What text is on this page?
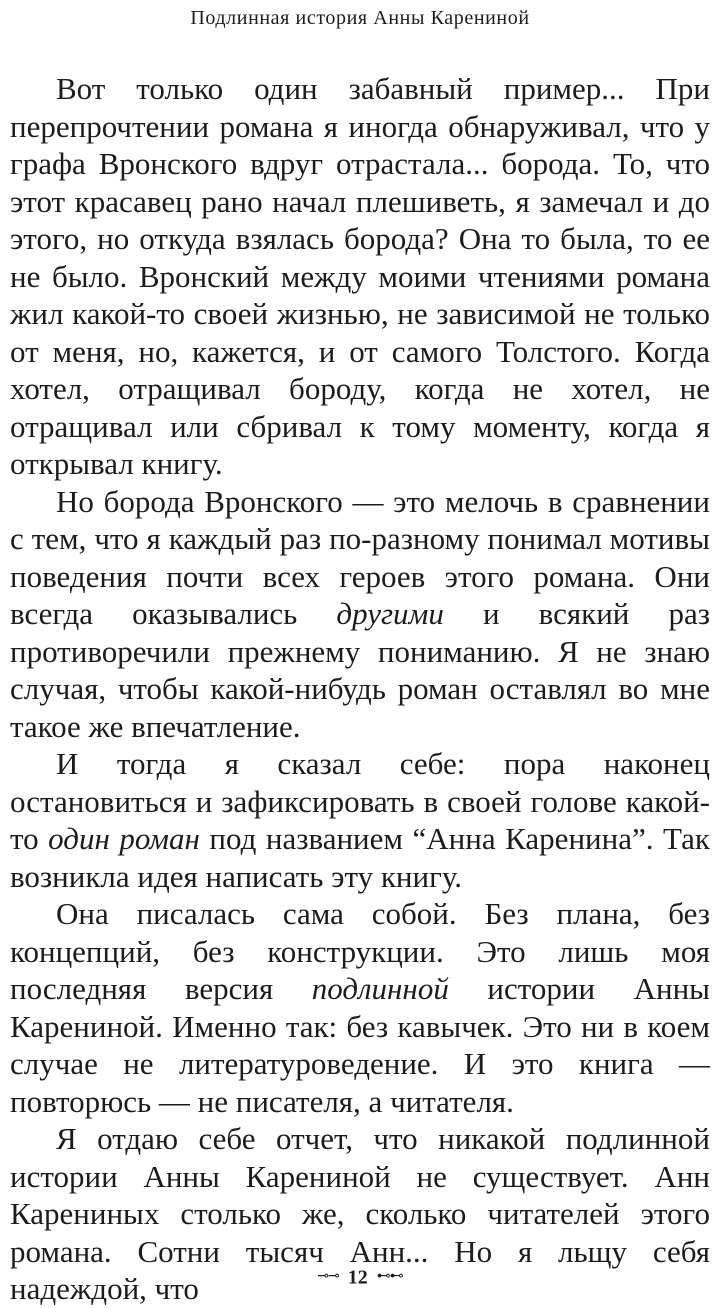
Подлинная история Анны Карениной

Вот только один забавный пример... При перепрочтении романа я иногда обнаруживал, что у графа Вронского вдруг отрастала... борода. То, что этот красавец рано начал плешиветь, я замечал и до этого, но откуда взялась борода? Она то была, то ее не было. Вронский между моими чтениями романа жил какой-то своей жизнью, не зависимой не только от меня, но, кажется, и от самого Толстого. Когда хотел, отращивал бороду, когда не хотел, не отращивал или сбривал к тому моменту, когда я открывал книгу.

Но борода Вронского — это мелочь в сравнении с тем, что я каждый раз по-разному понимал мотивы поведения почти всех героев этого романа. Они всегда оказывались другими и всякий раз противоречили прежнему пониманию. Я не знаю случая, чтобы какой-нибудь роман оставлял во мне такое же впечатление.

И тогда я сказал себе: пора наконец остановиться и зафиксировать в своей голове какой-то один роман под названием “Анна Каренина”. Так возникла идея написать эту книгу.

Она писалась сама собой. Без плана, без концепций, без конструкции. Это лишь моя последняя версия подлинной истории Анны Карениной. Именно так: без кавычек. Это ни в коем случае не литературоведение. И это книга — повторюсь — не писателя, а читателя.

Я отдаю себе отчет, что никакой подлинной истории Анны Карениной не существует. Анн Карениных столько же, сколько читателей этого романа. Сотни тысяч Анн... Но я льщу себя надеждой, что	⊸⊸ 12 ⊷⊷
